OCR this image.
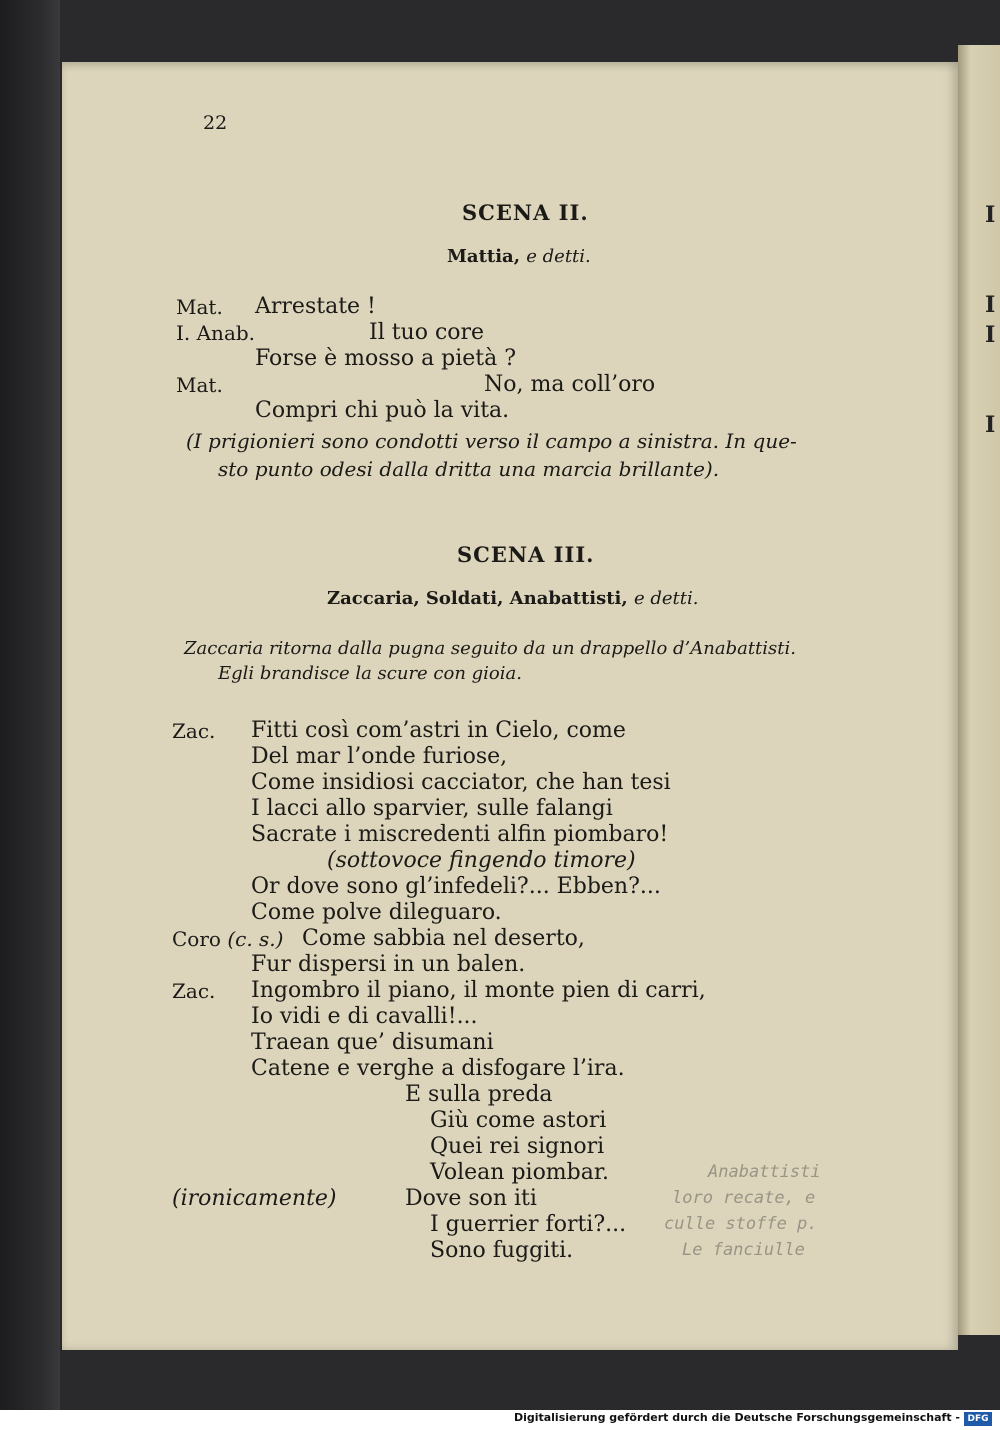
I

I
I

I
22
SCENA II.
Mattia, e detti.
Mat. Arrestate !
I. Anab.	Il tuo core
Forse è mosso a pietà ?
Mat.	No, ma coll’oro
Compri chi può la vita.
(I prigionieri sono condotti verso il campo a sinistra. In que-
sto punto odesi dalla dritta una marcia brillante).
SCENA III.
Zaccaria, Soldati, Anabattisti, e detti.
Zaccaria ritorna dalla pugna seguito da un drappello d’Anabattisti.
Egli brandisce la scure con gioia.
Zac. Fitti così com’astri in Cielo, come
Del mar l’onde furiose,
Come insidiosi cacciator, che han tesi
I lacci allo sparvier, sulle falangi
Sacrate i miscredenti alfin piombaro!
(sottovoce fingendo timore)
Or dove sono gl’infedeli?... Ebben?...
Come polve dileguaro.
Coro (c. s.) Come sabbia nel deserto,
Fur dispersi in un balen.
Zac. Ingombro il piano, il monte pien di carri,
Io vidi e di cavalli!...
Traean que’ disumani
Catene e verghe a disfogare l’ira.
E sulla preda
Giù come astori
Quei rei signori
Volean piombar.
(ironicamente)	Dove son iti
I guerrier forti?...
Sono fuggiti.
Anabattisti
loro recate, e
culle stoffe p.
Le fanciulle
Digitalisierung gefördert durch die Deutsche Forschungsgemeinschaft - DFG
